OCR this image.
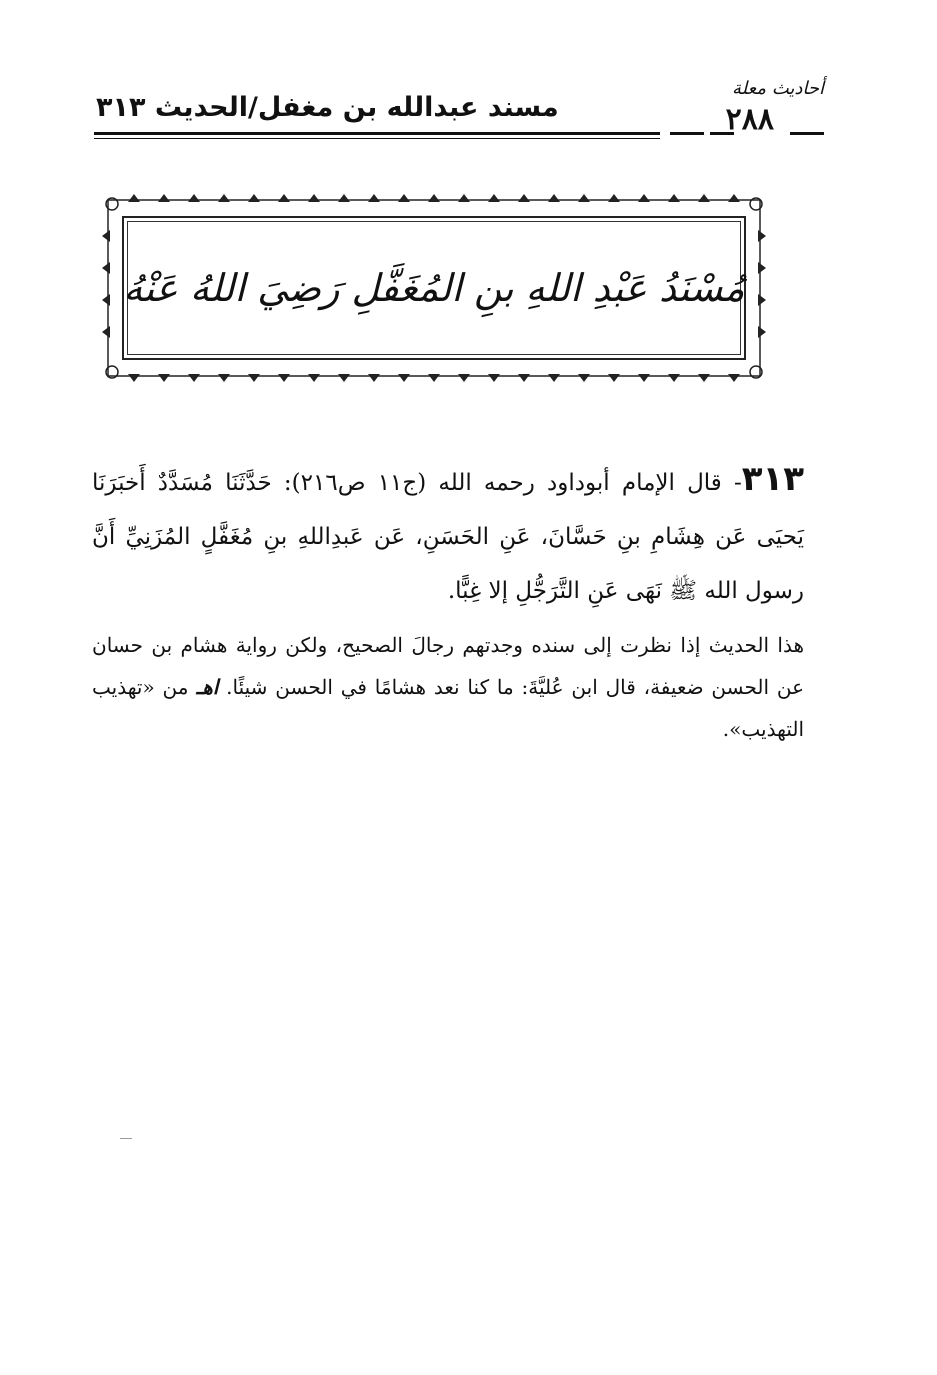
مسند عبدالله بن مغفل/الحديث ٣١٣
أحاديث معلة
٢٨٨
مُسْنَدُ عَبْدِ اللهِ بنِ المُغَفَّلِ رَضِيَ اللهُ عَنْهُ
٣١٣- قال الإمام أبوداود رحمه الله (ج١١ ص٢١٦): حَدَّثَنَا مُسَدَّدٌ أَخبَرَنَا يَحيَى عَن هِشَامِ بنِ حَسَّانَ، عَنِ الحَسَنِ، عَن عَبدِاللهِ بنِ مُغَفَّلٍ المُزَنِيِّ أَنَّ رسول الله ﷺ نَهَى عَنِ التَّرَجُّلِ إلا غِبًّا.
هذا الحديث إذا نظرت إلى سنده وجدتهم رجالَ الصحيح، ولكن رواية هشام بن حسان عن الحسن ضعيفة، قال ابن عُليَّةَ: ما كنا نعد هشامًا في الحسن شيئًا. اهـ من «تهذيب التهذيب».
